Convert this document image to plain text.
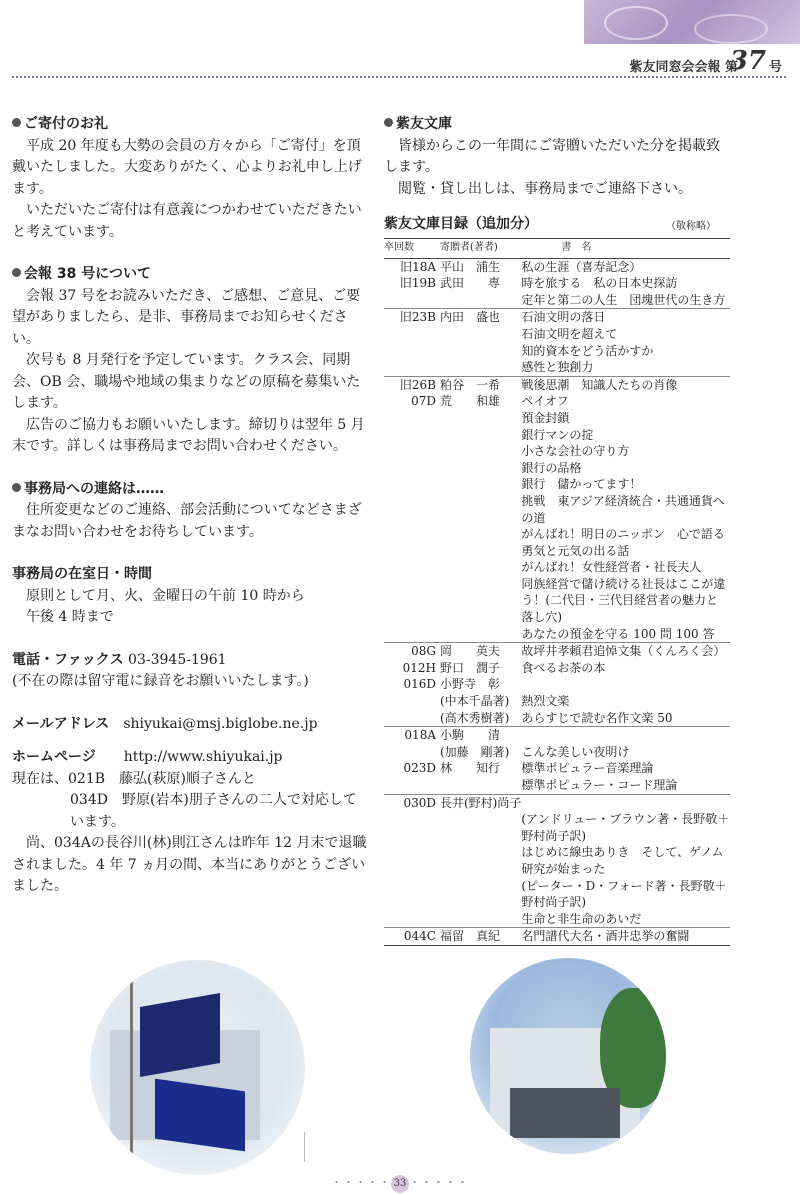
紫友同窓会会報 第
37 号
ご寄付のお礼

平成 20 年度も大勢の会員の方々から「ご寄付」を頂戴いたしました。大変ありがたく、心よりお礼申し上げます。

いただいたご寄付は有意義につかわせていただきたいと考えています。

会報 38 号について

会報 37 号をお読みいただき、ご感想、ご意見、ご要望がありましたら、是非、事務局までお知らせください。

次号も 8 月発行を予定しています。クラス会、同期会、OB 会、職場や地域の集まりなどの原稿を募集いたします。

広告のご協力もお願いいたします。締切りは翌年 5 月末です。詳しくは事務局までお問い合わせください。

事務局への連絡は……

住所変更などのご連絡、部会活動についてなどさまざまなお問い合わせをお待ちしています。

事務局の在室日・時間

原則として月、火、金曜日の午前 10 時から

午後 4 時まで

電話・ファックス 03-3945-1961
(不在の際は留守電に録音をお願いいたします。)
メールアドレス　 shiyukai@msj.biglobe.ne.jp
ホームページ　　 http://www.shiyukai.jp
現在は、021B　藤弘(萩原)順子さんと
034D　野原(岩本)朋子さんの二人で対応しています。

尚、034Aの長谷川(林)則江さんは昨年 12 月末で退職されました。4 年 7 ヵ月の間、本当にありがとうございました。

紫友文庫

皆様からこの一年間にご寄贈いただいた分を掲載致します。

閲覧・貸し出しは、事務局までご連絡下さい。

紫友文庫目録（追加分）	（敬称略）
卒回数	寄贈者(著者)	書　名
旧18A	平山　浦生	私の生涯（喜寿記念）
旧19B	武田　　専	時を旅する　私の日本史探訪
		定年と第二の人生　団塊世代の生き方
旧23B	内田　盛也	石油文明の落日
		石油文明を超えて
		知的資本をどう活かすか
		感性と独創力
旧26B	粕谷　一希	戦後思潮　知識人たちの肖像
07D	荒　　和雄	ペイオフ
		預金封鎖
		銀行マンの掟
		小さな会社の守り方
		銀行の品格
		銀行　儲かってます！
		挑戦　東アジア経済統合・共通通貨への道
		がんばれ！明日のニッポン　心で語る勇気と元気の出る話
		がんばれ！女性経営者・社長夫人
		同族経営で儲け続ける社長はここが違う！(二代目・三代目経営者の魅力と落し穴)
		あなたの預金を守る 100 問 100 答
08G	岡　　英夫	故坪井孝頼君追悼文集（くんろく会）
012H	野口　潤子	食べるお茶の本
016D	小野寺　彰	
	(中本千晶著)	熱烈文楽
	(高木秀樹著)	あらすじで読む名作文楽 50
018A	小駒　　清	
	(加藤　剛著)	こんな美しい夜明け
023D	林　　知行	標準ポピュラー音楽理論
		標準ポピュラー・コード理論
030D	長井(野村)尚子	
		(アンドリュー・ブラウン著・長野敬＋野村尚子訳)
		はじめに線虫ありき　そして、ゲノム研究が始まった
		(ピーター・D・フォード著・長野敬＋野村尚子訳)
		生命と非生命のあいだ
044C	福留　真紀	名門譜代大名・酒井忠挙の奮闘
・・・・・ 33 ・・・・・
